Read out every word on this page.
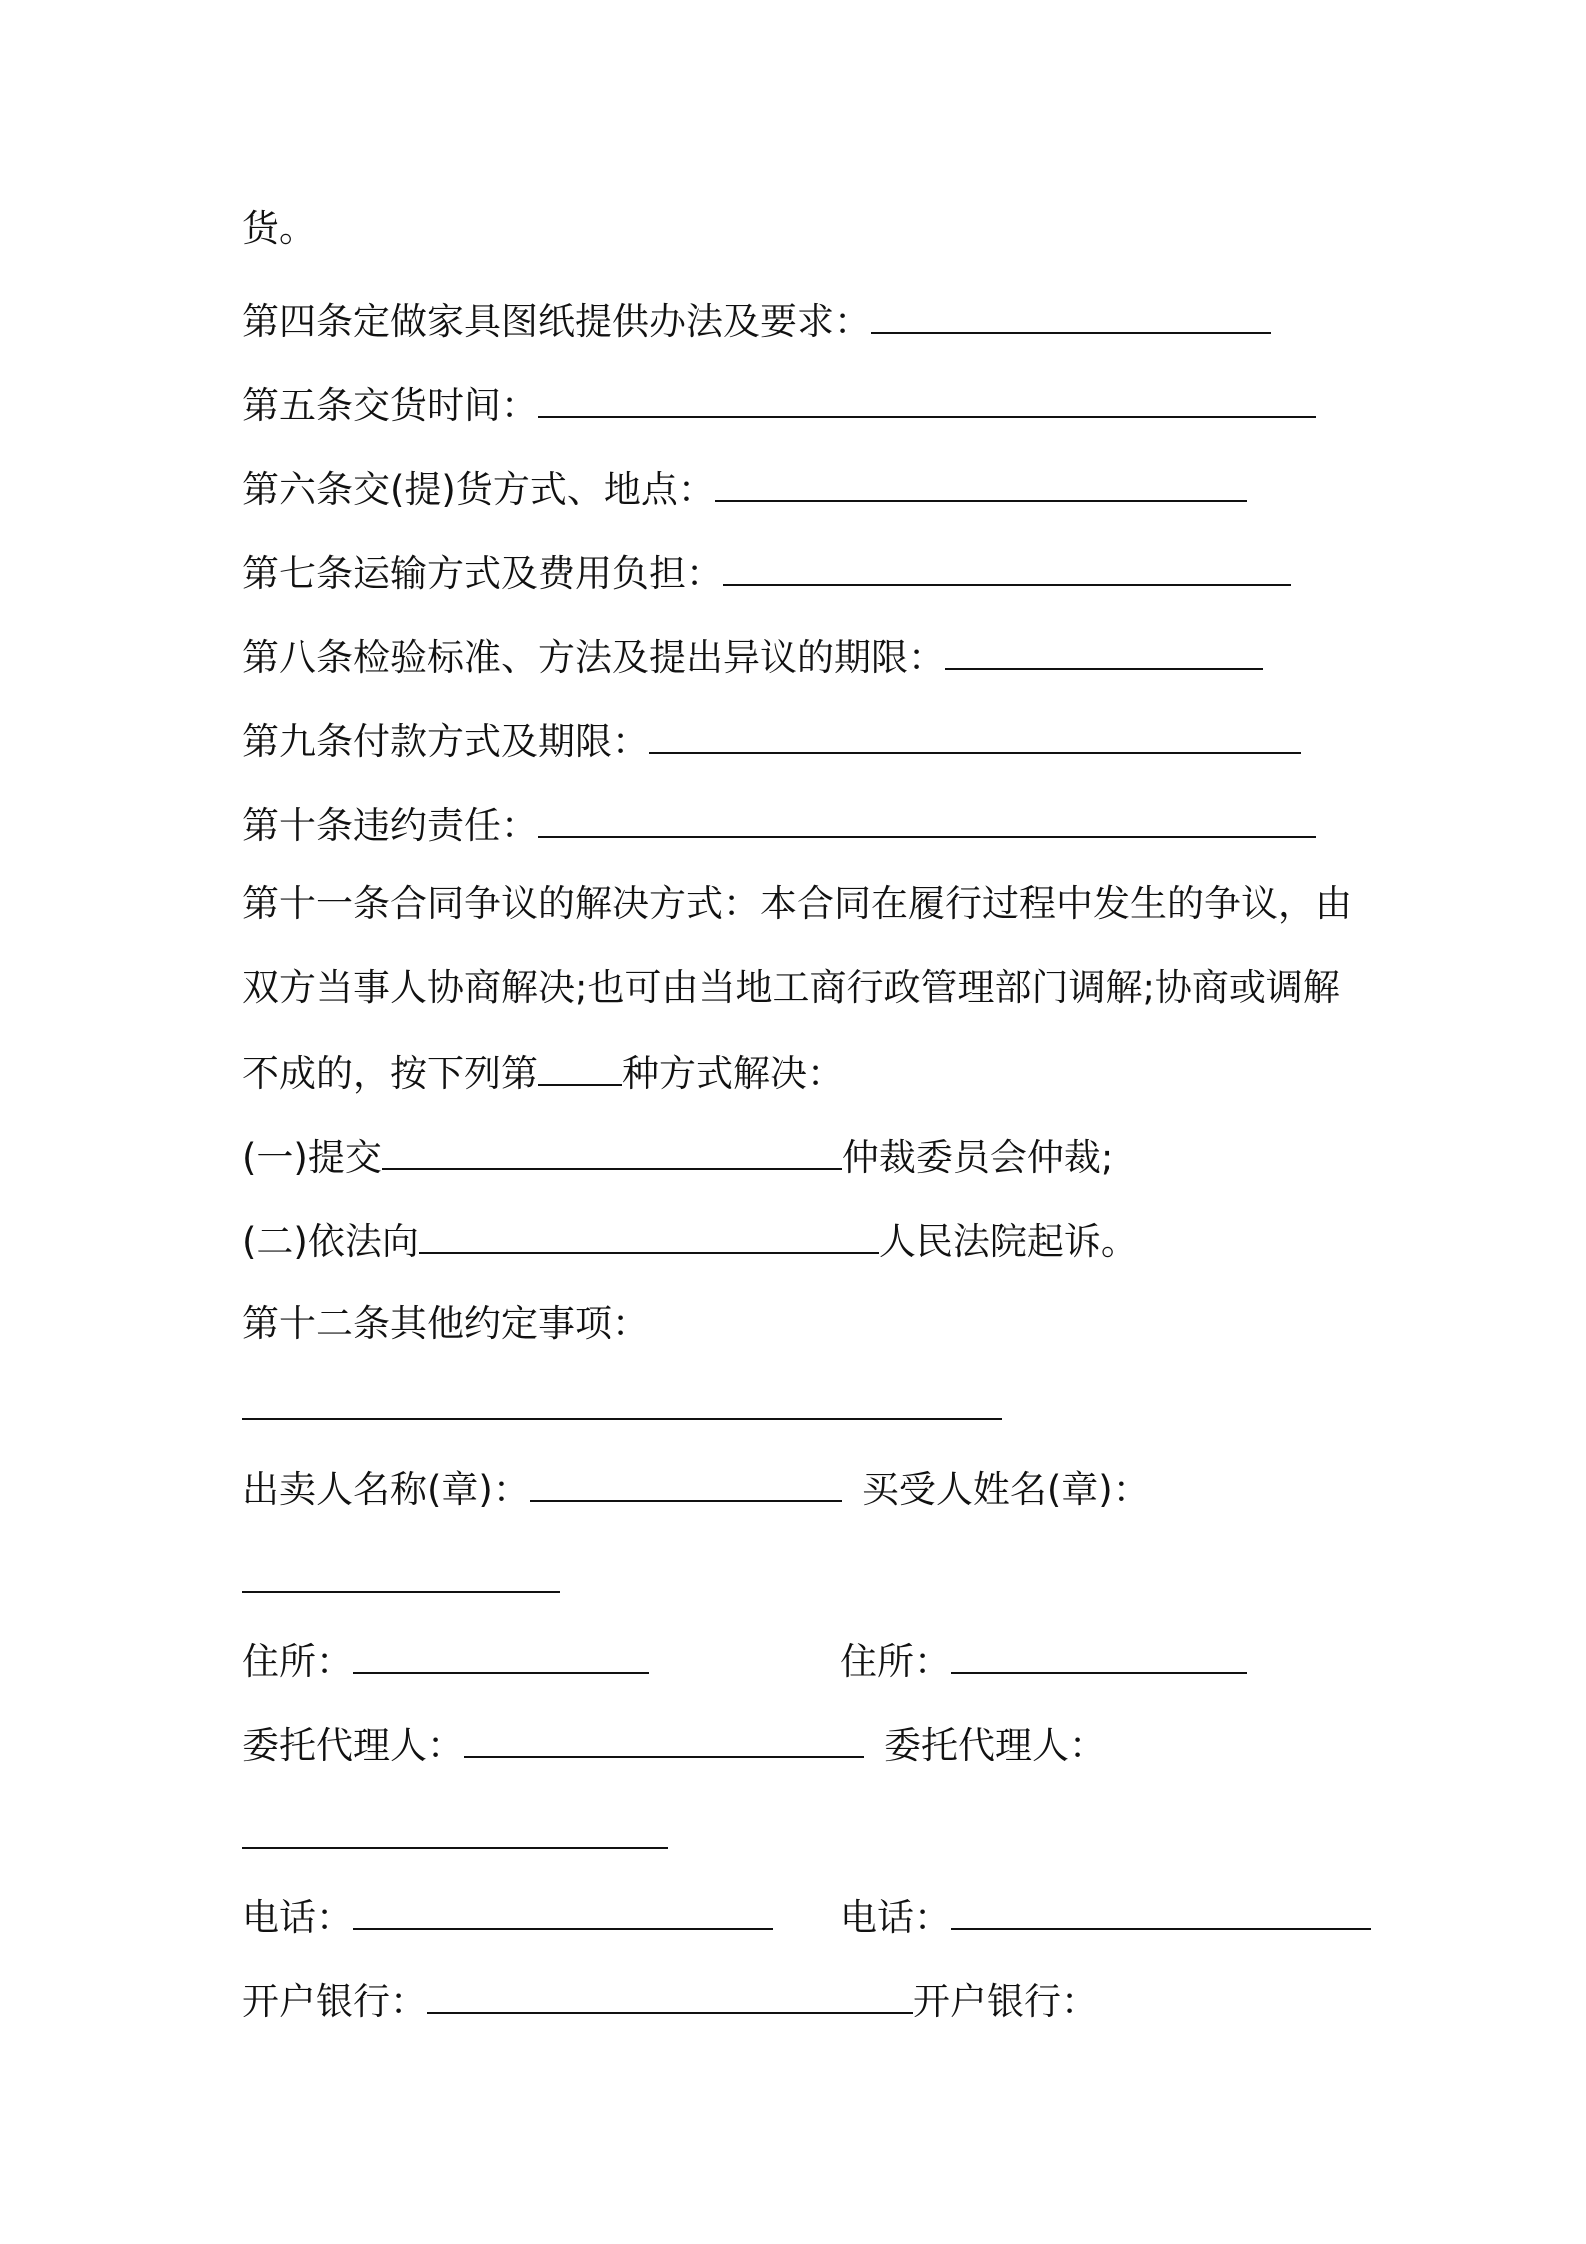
货。
第四条定做家具图纸提供办法及要求：
第五条交货时间：
第六条交(提)货方式、地点：
第七条运输方式及费用负担：
第八条检验标准、方法及提出异议的期限：
第九条付款方式及期限：
第十条违约责任：
第十一条合同争议的解决方式：本合同在履行过程中发生的争议，由
双方当事人协商解决;也可由当地工商行政管理部门调解;协商或调解
不成的，按下列第 种方式解决：
(一)提交	仲裁委员会仲裁;
(二)依法向	人民法院起诉。
第十二条其他约定事项：
出卖人名称(章)：	买受人姓名(章)：
住所：	住所：
委托代理人：	委托代理人：
电话：	电话：
开户银行：	开户银行：
